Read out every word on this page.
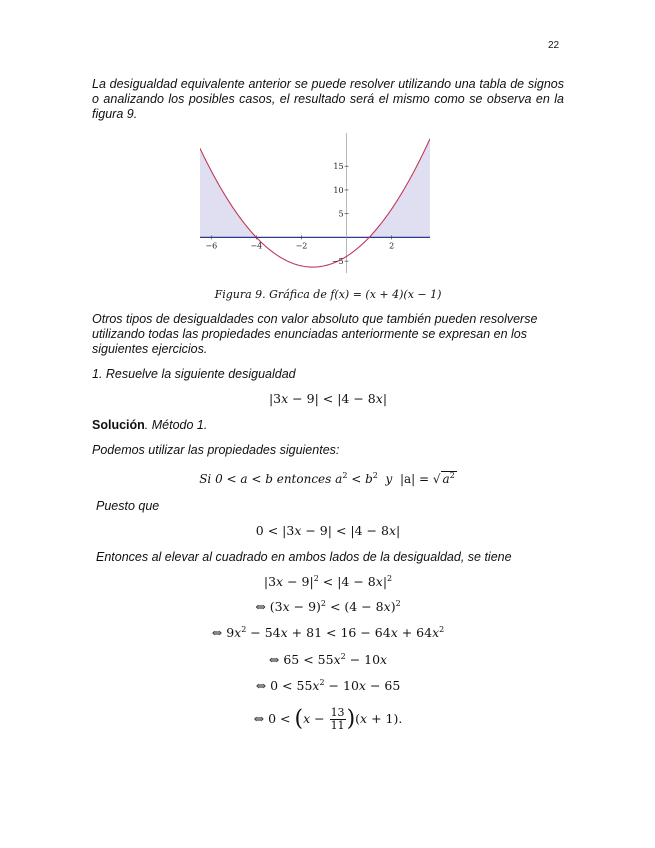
22

La desigualdad equivalente anterior se puede resolver utilizando una tabla de signos o analizando los posibles casos, el resultado será el mismo como se observa en la figura 9.

−6	−4	−2	2
−5
5
10
15
Figura 9. Gráfica de f(x) = (x + 4)(x − 1)

Otros tipos de desigualdades con valor absoluto que también pueden resolverse utilizando todas las propiedades enunciadas anteriormente se expresan en los siguientes ejercicios.

1. Resuelve la siguiente desigualdad

|3x − 9| < |4 − 8x|

Solución. Método 1.

Podemos utilizar las propiedades siguientes:

Si 0 < a < b entonces $a^2 < b^2$ y |a| = √ $a^2$

Puesto que

0 < |3x − 9| < |4 − 8x|

Entonces al elevar al cuadrado en ambos lados de la desigualdad, se tiene

$|3x - 9|^2 < |4 - 8x|^2$
⇔ $(3x - 9)^2 < (4 - 8x)^2$
⇔ $9x^2 - 54x + 81 < 16 - 64x + 64x^2$
⇔ $65 < 55x^2 - 10x$
⇔ $0 < 55x^2 - 10x - 65$
⇔ $0 < (x - \frac{13}{11} )(x + 1)$.
